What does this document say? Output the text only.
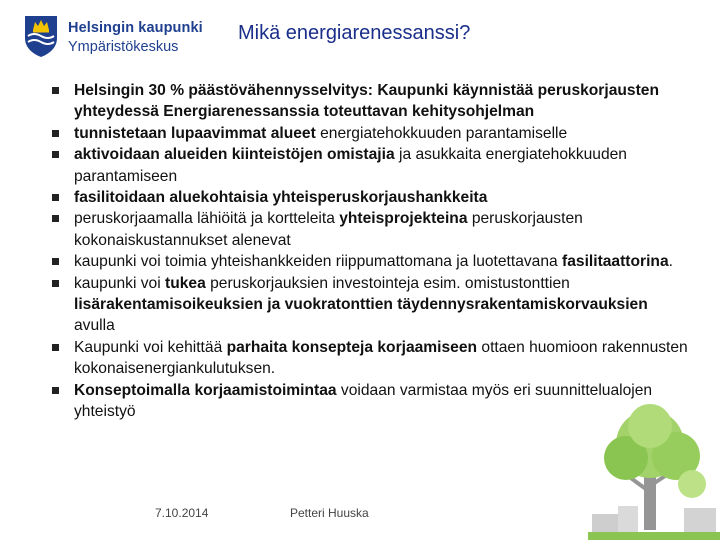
Helsingin kaupunki
Ympäristökeskus
Mikä energiarenessanssi?
Helsingin 30 % päästövähennysselvitys: Kaupunki käynnistää peruskorjausten yhteydessä Energiarenessanssia toteuttavan kehitysohjelman
tunnistetaan lupaavimmat alueet energiatehokkuuden parantamiselle
aktivoidaan alueiden kiinteistöjen omistajia ja asukkaita energiatehokkuuden parantamiseen
fasilitoidaan aluekohtaisia yhteisperuskorjaushankkeita
peruskorjaamalla lähiöitä ja kortteleita yhteisprojekteina peruskorjausten kokonaiskustannukset alenevat
kaupunki voi toimia yhteishankkeiden riippumattomana ja luotettavana fasilitaattorina.
kaupunki voi tukea peruskorjauksien investointeja esim. omistustonttien lisärakentamisoikeuksien ja vuokratonttien täydennysrakentamiskorvauksien avulla
Kaupunki voi kehittää parhaita konsepteja korjaamiseen ottaen huomioon rakennusten kokonaisenergiankulutuksen.
Konseptoimalla korjaamistoimintaa voidaan varmistaa myös eri suunnittelualojen yhteistyö
7.10.2014	Petteri Huuska
